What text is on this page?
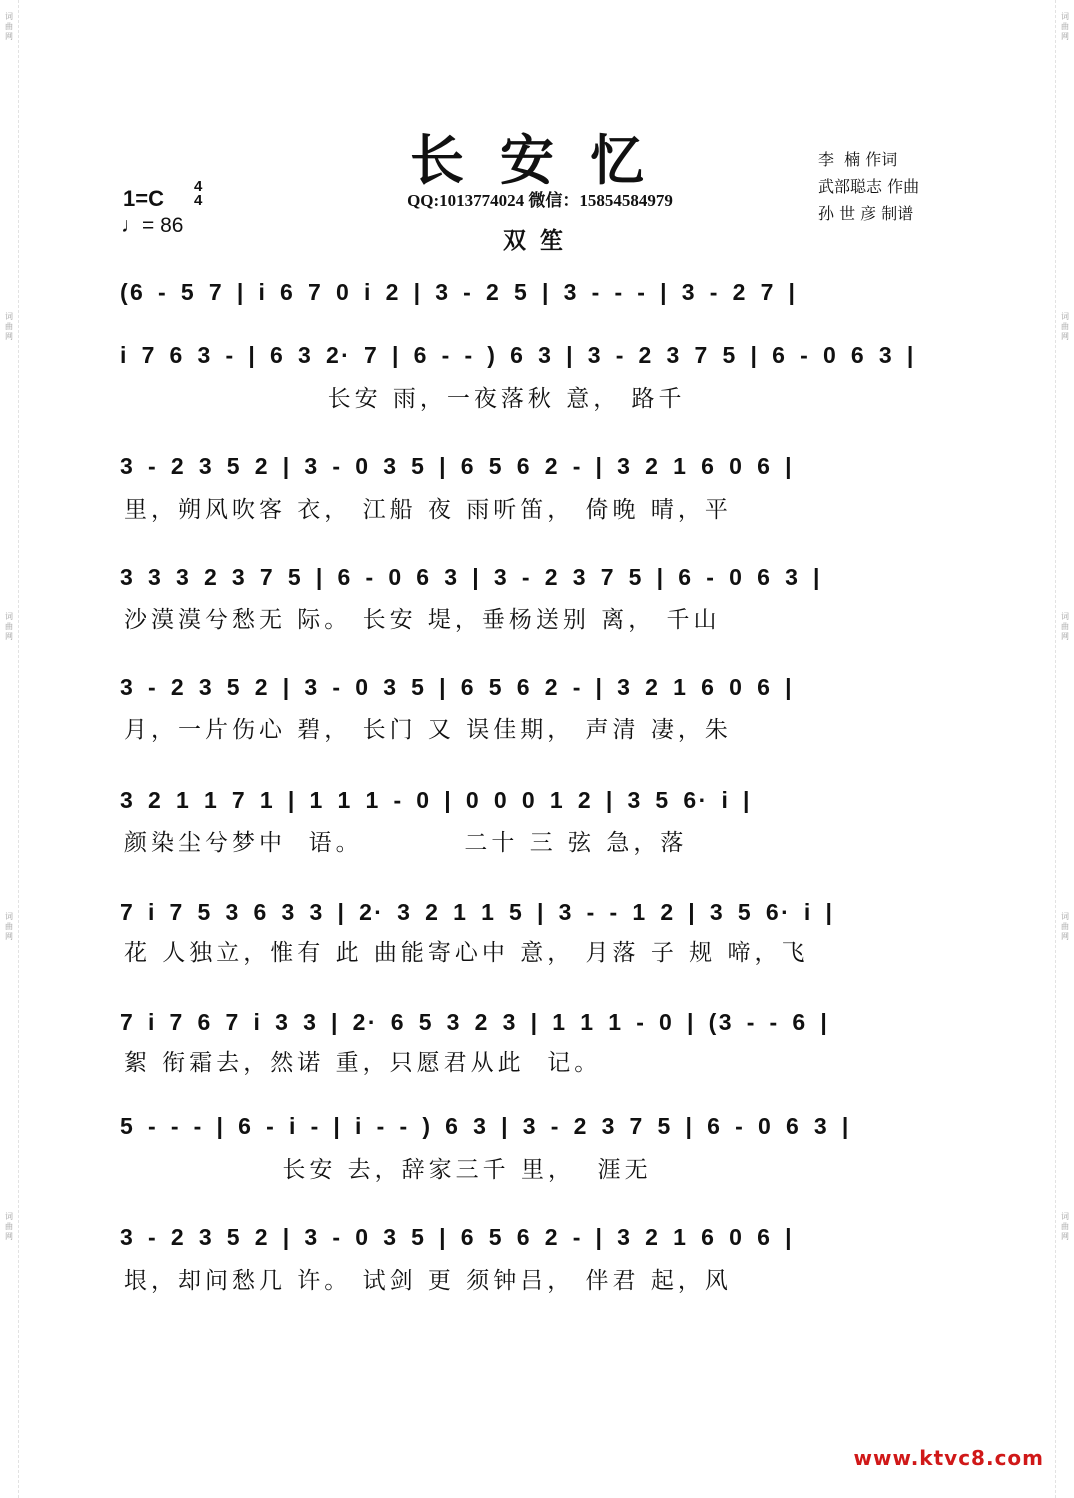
词曲网
词曲网
词曲网
词曲网
词曲网
词曲网
词曲网
词曲网
词曲网
词曲网
长安忆
QQ:1013774024 微信：15854584979
双笙
1=C 4
4
♩= 86
李  楠 作词
武部聪志 作曲
孙 世 彦 制谱
(6 - 5 7 | i 6 7 0 i 2 | 3 - 2 5 | 3 - - - | 3 - 2 7 |
i 7 6 3 - | 6 3 2· 7 | 6 - - ) 6 3 | 3 - 2 3 7 5 | 6 - 0 6 3 |
长安 雨，一夜落秋 意， 路千
3 - 2 3 5 2 | 3 - 0 3 5 | 6 5 6 2 - | 3 2 1 6 0 6 |
里，朔风吹客 衣， 江船 夜 雨听笛， 倚晚 晴，平
3 3 3 2 3 7 5 | 6 - 0 6 3 | 3 - 2 3 7 5 | 6 - 0 6 3 |
沙漠漠兮愁无 际。 长安 堤，垂杨送别 离， 千山
3 - 2 3 5 2 | 3 - 0 3 5 | 6 5 6 2 - | 3 2 1 6 0 6 |
月，一片伤心 碧， 长门 又 误佳期， 声清 凄，朱
3 2 1 1 7 1 | 1 1 1 - 0 | 0 0 0 1 2 | 3 5 6· i |
颜染尘兮梦中  语。         二十 三 弦 急，落
7 i 7 5 3 6 3 3 | 2· 3 2 1 1 5 | 3 - - 1 2 | 3 5 6· i |
花 人独立，惟有 此 曲能寄心中 意， 月落 子 规 啼，飞
7 i 7 6 7 i 3 3 | 2· 6 5 3 2 3 | 1 1 1 - 0 | (3 - - 6 |
絮 衔霜去，然诺 重，只愿君从此  记。
5 - - - | 6 - i - | i - - ) 6 3 | 3 - 2 3 7 5 | 6 - 0 6 3 |
长安 去，辞家三千 里，  涯无
3 - 2 3 5 2 | 3 - 0 3 5 | 6 5 6 2 - | 3 2 1 6 0 6 |
垠，却问愁几 许。 试剑 更 须钟吕， 伴君 起，风
www.ktvc8.com
